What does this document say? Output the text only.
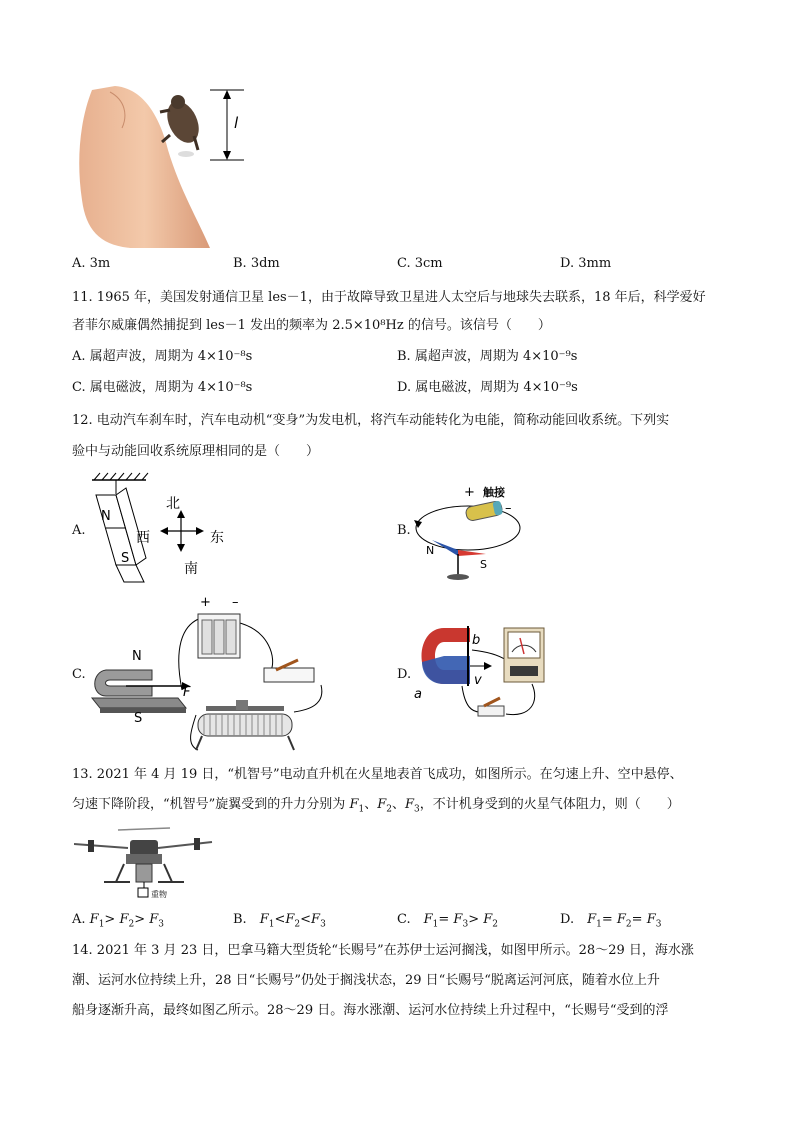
l
A. 3m	B. 3dm	C. 3cm	D. 3mm
11. 1965 年，美国发射通信卫星 les－1，由于故障导致卫星进人太空后与地球失去联系，18 年后，科学爱好
者菲尔威廉偶然捕捉到 les－1 发出的频率为 2.5×10⁸Hz 的信号。该信号（　　）
A. 属超声波，周期为 4×10⁻⁸s	B. 属超声波，周期为 4×10⁻⁹s
C. 属电磁波，周期为 4×10⁻⁸s	D. 属电磁波，周期为 4×10⁻⁹s
12. 电动汽车刹车时，汽车电动机“变身”为发电机，将汽车动能转化为电能，简称动能回收系统。下列实
验中与动能回收系统原理相同的是（　　）
A.
N
S
北
南
西	东	B.
+ 触接
–
N
S
C.
+ –
N
S
F
D.
b
a
v
13. 2021 年 4 月 19 日，“机智号”电动直升机在火星地表首飞成功，如图所示。在匀速上升、空中悬停、
匀速下降阶段，“机智号”旋翼受到的升力分别为 $F_1$、$F_2$、$F_3$，不计机身受到的火星气体阻力，则（　　）
重物
A. $F_1> F_2> F_3$	B.　$F_1<F_2<F_3$	C.　$F_1= F_3> F_2$	D.　$F_1= F_2= F_3$
14. 2021 年 3 月 23 日，巴拿马籍大型货轮“长赐号”在苏伊士运河搁浅，如图甲所示。28～29 日，海水涨
潮、运河水位持续上升，28 日“长赐号”仍处于搁浅状态，29 日“长赐号“脱离运河河底，随着水位上升
船身逐渐升高，最终如图乙所示。28～29 日。海水涨潮、运河水位持续上升过程中，“长赐号“受到的浮
